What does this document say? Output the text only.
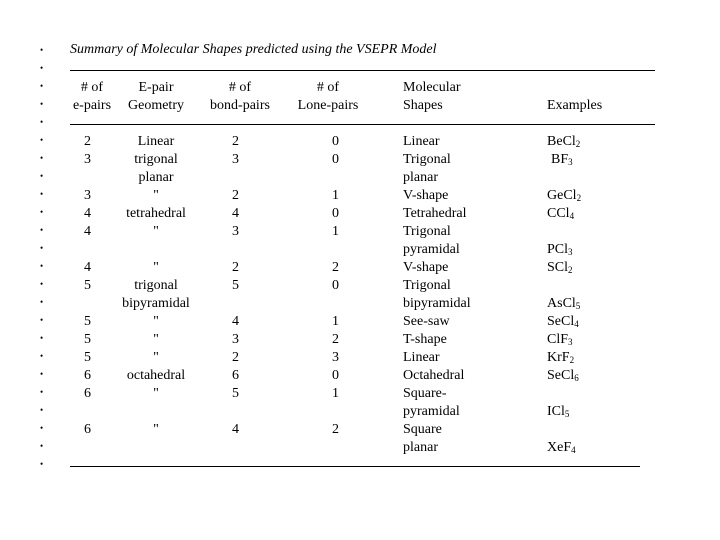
•
•
•
•
•
•
•
•
•
•
•
•
•
•
•
•
•
•
•
•
•
•
•
•
Summary of Molecular Shapes predicted using the VSEPR Model
# of
e-pairs
E-pair
Geometry
# of
bond-pairs
# of
Lone-pairs
Molecular
Shapes	Examples
2
3
3
4
4
4
5
5
5
5
6
6
6
Linear
trigonal
planar
"
tetrahedral
"
"
trigonal
bipyramidal
"
"
"
octahedral
"
"
2
3
2
4
3
2
5
4
3
2
6
5
4
0
0
1
0
1
2
0
1
2
3
0
1
2
Linear
Trigonal
planar
V-shape
Tetrahedral
Trigonal
pyramidal
V-shape
Trigonal
bipyramidal
See-saw
T-shape
Linear
Octahedral
Square-
pyramidal
Square
planar
BeCl$_2$
$BF_3$
GeCl$_2$
CCl$_4$
PCl$_3$
SCl$_2$
AsCl$_5$
SeCl$_4$
ClF$_3$
KrF$_2$
SeCl$_6$
ICl$_5$
XeF$_4$
